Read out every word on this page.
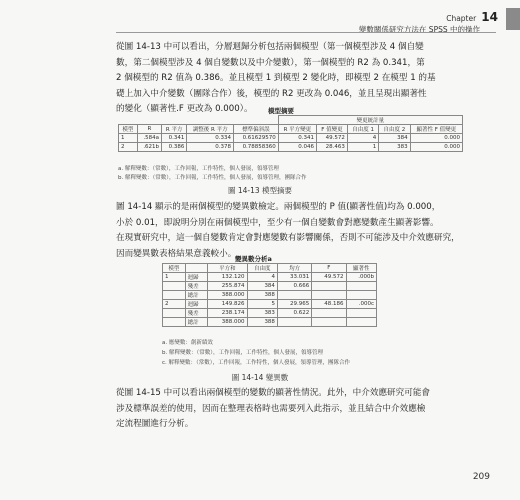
Chapter 14
變數關係研究方法在 SPSS 中的操作
從圖 14-13 中可以看出，分層迴歸分析包括兩個模型（第一個模型涉及 4 個自變
數，第二個模型涉及 4 個自變數以及中介變數），第一個模型的 R2 為 0.341，第
2 個模型的 R2 值為 0.386。並且模型 1 到模型 2 變化時，即模型 2 在模型 1 的基
礎上加入中介變數（團隊合作）後，模型的 R2 更改為 0.046，並且呈現出顯著性
的變化（顯著性.F 更改為 0.000）。	模型摘要
					變更統計量				
模型	R	R 平方	調整後 R 平方	標準偏斜誤	R 平方變更	F 值變更	自由度 1	自由度 2	顯著性 F 值變更
1	.584a	0.341	0.334	0.61629570	0.341	49.572	4	384	0.000
2	.621b	0.386	0.378	0.78858360	0.046	28.463	1	383	0.000
a. 解釋變數：（常數），工作回報，工作特性，個人發展，領導管理
b. 解釋變數：（常數），工作回報，工作特性，個人發展，領導管理，團隊合作
圖 14-13 模型摘要
圖 14-14 顯示的是兩個模型的變異數檢定。兩個模型的 P 值(顯著性值)均為 0.000，
小於 0.01，即說明分別在兩個模型中，至少有一個自變數會對應變數產生顯著影響。
在現實研究中，這一個自變數肯定會對應變數有影響關係，否則不可能涉及中介效應研究，
因而變異數表格結果意義較小。
變異數分析a
模型		平方和	自由度	均方	F	顯著性
1	迴歸	132.120	4	33.031	49.572	.000b
	殘差	255.874	384	0.666		
	總計	388.000	388			
2	迴歸	149.826	5	29.965	48.186	.000c
	殘差	238.174	383	0.622		
	總計	388.000	388			
a. 應變數：創新績效
b. 解釋變數：（常數），工作回報，工作特性，個人發展，領導管理
c. 解釋變數：（常數），工作回報，工作特性，個人發展，領導管理，團隊合作
圖 14-14 變異數
從圖 14-15 中可以看出兩個模型的變數的顯著性情況。此外，中介效應研究可能會
涉及標準誤差的使用，因而在整理表格時也需要列入此指示，並且結合中介效應檢
定流程圖進行分析。
209
